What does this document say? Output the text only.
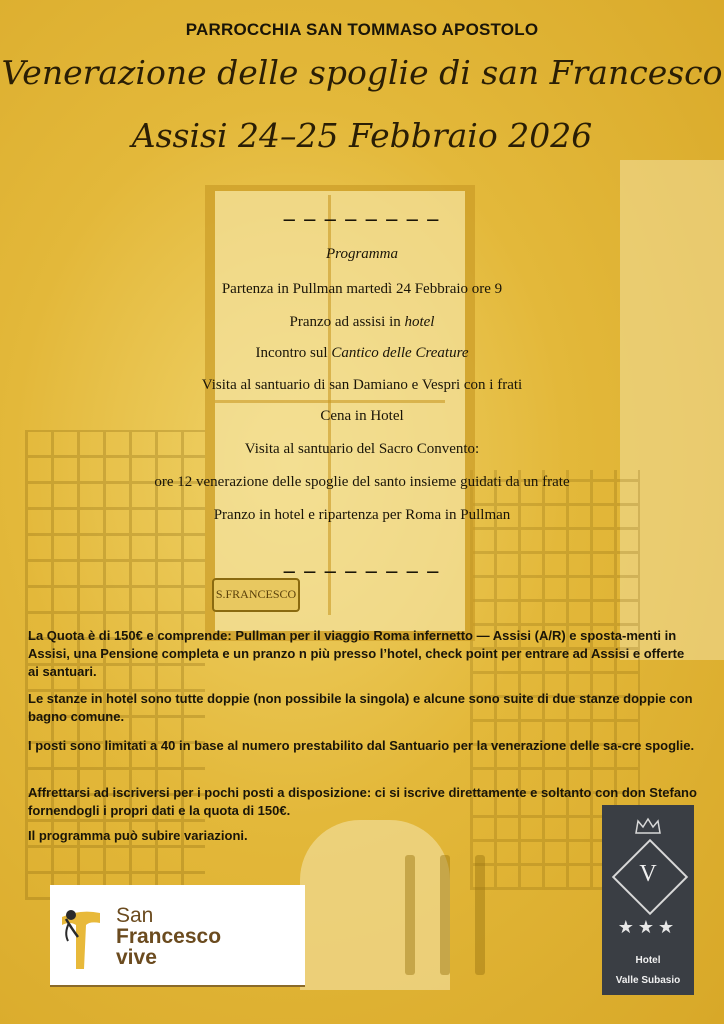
S.FRANCESCO
PARROCCHIA SAN TOMMASO APOSTOLO
Venerazione delle spoglie di san Francesco
Assisi 24–25 Febbraio 2026
_ _ _ _ _ _ _ _
Programma
Partenza in Pullman martedì 24 Febbraio ore 9
Pranzo ad assisi in hotel
Incontro sul Cantico delle Creature
Visita al santuario di san Damiano e Vespri con i frati
Cena in Hotel
Visita al santuario del Sacro Convento:
ore 12 venerazione delle spoglie del santo insieme guidati da un frate
Pranzo in hotel e ripartenza per Roma in Pullman
_ _ _ _ _ _ _ _
La Quota è di 150€ e comprende: Pullman per il viaggio Roma infernetto — Assisi (A/R) e sposta-menti in Assisi, una Pensione completa e un pranzo n più presso l’hotel, check point per entrare ad Assisi e offerte ai santuari.
Le stanze in hotel sono tutte doppie (non possibile la singola) e alcune sono suite di due stanze doppie con bagno comune.
I posti sono limitati a 40 in base al numero prestabilito dal Santuario per la venerazione delle sa-cre spoglie.
Affrettarsi ad iscriversi per i pochi posti a disposizione: ci si iscrive direttamente e soltanto con don Stefano fornendogli i propri dati e la quota di 150€.
Il programma può subire variazioni.
San
Francesco
vive
V
★★★
Hotel
Valle Subasio
